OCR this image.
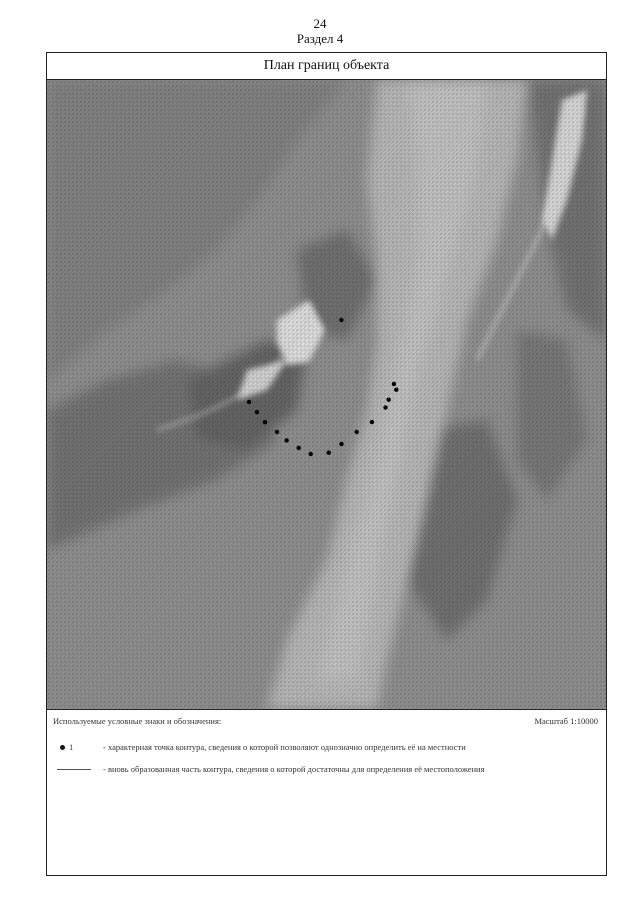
24
Раздел 4
План границ объекта
Используемые условные знаки и обозначения:	Масштаб 1:10000
1	- характерная точка контура, сведения о которой позволяют однозначно определить её на местности
- вновь образованная часть контура, сведения о которой достаточны для определения её местоположения
